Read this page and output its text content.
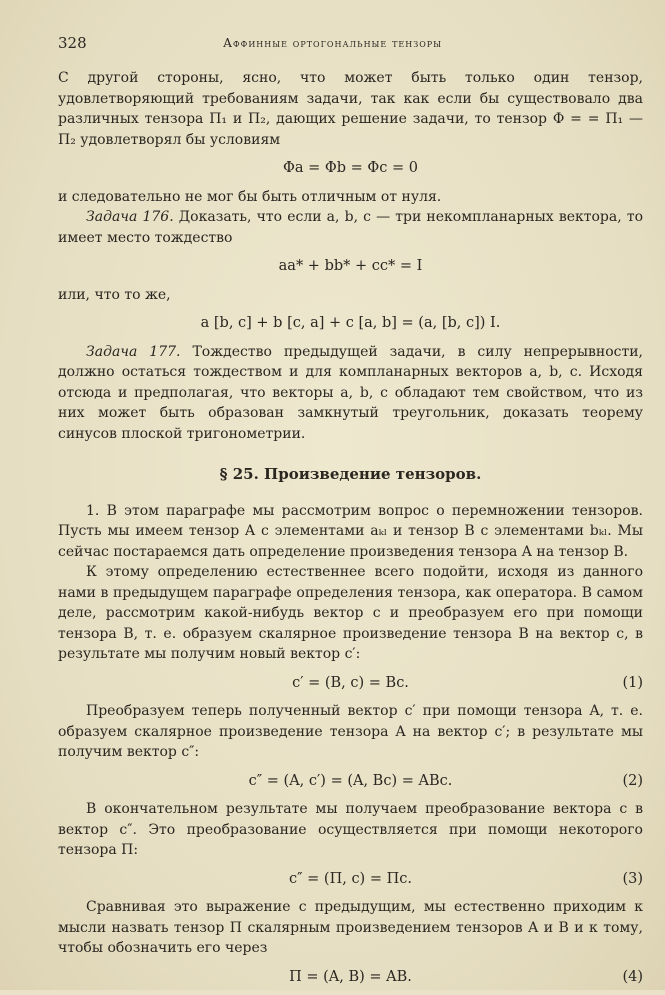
328	Аффинные ортогональные тензоры

С другой стороны, ясно, что может быть только один тензор, удовлетворяющий требованиям задачи, так как если бы существовало два различных тензора Π₁ и Π₂, дающих решение задачи, то тензор Φ = = Π₁ — Π₂ удовлетворял бы условиям

Φa = Φb = Φc = 0

и следовательно не мог бы быть отличным от нуля.

Задача 176. Доказать, что если a, b, c — три некомпланарных вектора, то имеет место тождество

aa* + bb* + cc* = I

или, что то же,

a [b, c] + b [c, a] + c [a, b] = (a, [b, c]) I.

Задача 177. Тождество предыдущей задачи, в силу непрерывности, должно остаться тождеством и для компланарных векторов a, b, c. Исходя отсюда и предполагая, что векторы a, b, c обладают тем свойством, что из них может быть образован замкнутый треугольник, доказать теорему синусов плоской тригонометрии.

§ 25. Произведение тензоров.

1. В этом параграфе мы рассмотрим вопрос о перемножении тензоров. Пусть мы имеем тензор A с элементами aₖₗ и тензор B с элементами bₖₗ. Мы сейчас постараемся дать определение произведения тензора A на тензор B.

К этому определению естественнее всего подойти, исходя из данного нами в предыдущем параграфе определения тензора, как оператора. В самом деле, рассмотрим какой-нибудь вектор c и преобразуем его при помощи тензора B, т. е. образуем скалярное произведение тензора B на вектор c, в результате мы получим новый вектор c′:

c′ = (B, c) = Bc.	(1)

Преобразуем теперь полученный вектор c′ при помощи тензора A, т. е. образуем скалярное произведение тензора A на вектор c′; в результате мы получим вектор c″:

c″ = (A, c′) = (A, Bc) = ABc.	(2)

В окончательном результате мы получаем преобразование вектора c в вектор c″. Это преобразование осуществляется при помощи некоторого тензора Π:

c″ = (Π, c) = Πc.	(3)

Сравнивая это выражение с предыдущим, мы естественно приходим к мысли назвать тензор Π скалярным произведением тензоров A и B и к тому, чтобы обозначить его через

Π = (A, B) = AB.	(4)
